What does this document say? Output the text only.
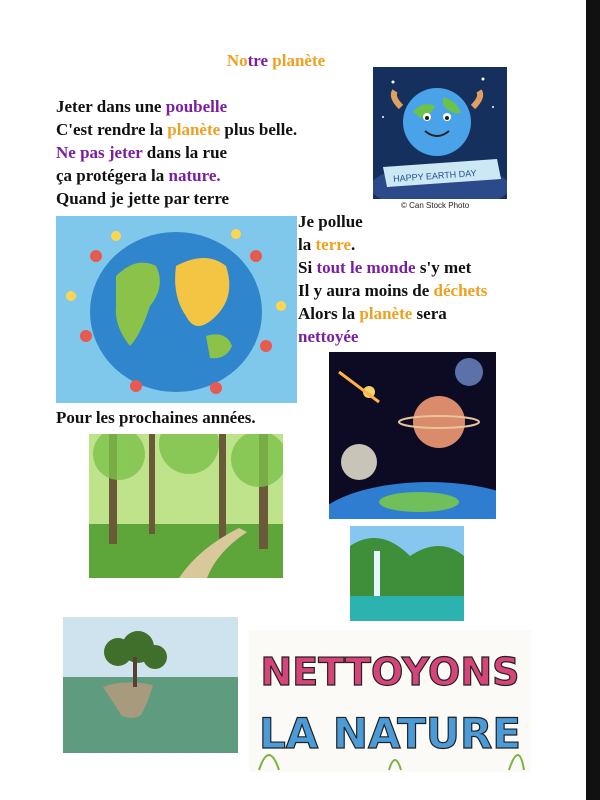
Notre planète
Jeter dans une poubelle
C'est rendre la planète plus belle.
Ne pas jeter dans la rue
ça protégera la nature.
Quand je jette par terre
Je pollue
la terre.
Si tout le monde s'y met
Il y aura moins de déchets
Alors la planète sera
nettoyée
Pour les prochaines années.
HAPPY EARTH DAY
© Can Stock Photo
NETTOYONS
LA NATURE
